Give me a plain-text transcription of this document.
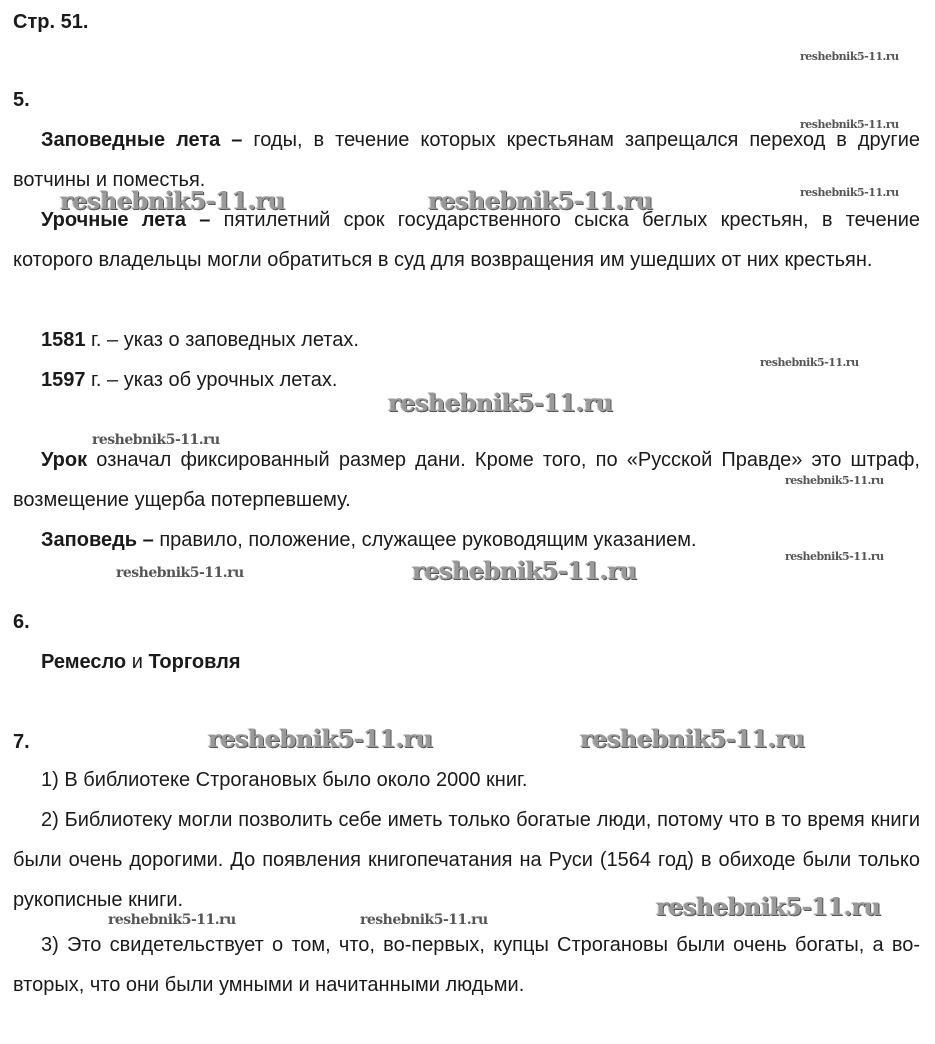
Стр. 51.
5.
Заповедные лета – годы, в течение которых крестьянам запрещался переход в другие вотчины и поместья.
Урочные лета – пятилетний срок государственного сыска беглых крестьян, в течение которого владельцы могли обратиться в суд для возвращения им ушедших от них крестьян.
1581 г. – указ о заповедных летах.
1597 г. – указ об урочных летах.
Урок означал фиксированный размер дани. Кроме того, по «Русской Правде» это штраф, возмещение ущерба потерпевшему.
Заповедь – правило, положение, служащее руководящим указанием.
6.
Ремесло и Торговля
7.
1) В библиотеке Строгановых было около 2000 книг.
2) Библиотеку могли позволить себе иметь только богатые люди, потому что в то время книги были очень дорогими. До появления книгопечатания на Руси (1564 год) в обиходе были только рукописные книги.
3) Это свидетельствует о том, что, во-первых, купцы Строгановы были очень богаты, а во-вторых, что они были умными и начитанными людьми.
reshebnik5-11.ru
reshebnik5-11.ru
reshebnik5-11.ru
reshebnik5-11.ru	reshebnik5-11.ru
reshebnik5-11.ru
reshebnik5-11.ru
reshebnik5-11.ru
reshebnik5-11.ru
reshebnik5-11.ru
reshebnik5-11.ru	reshebnik5-11.ru
reshebnik5-11.ru	reshebnik5-11.ru
reshebnik5-11.ru
reshebnik5-11.ru	reshebnik5-11.ru
